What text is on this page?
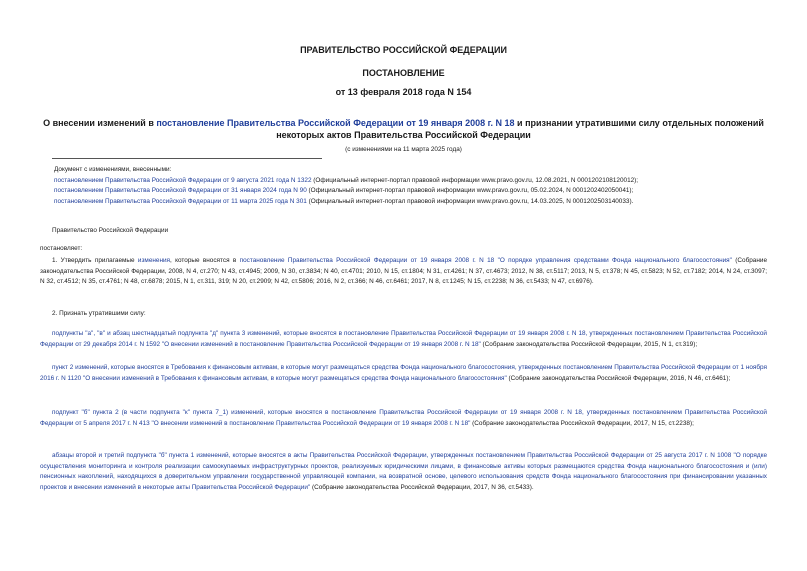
ПРАВИТЕЛЬСТВО РОССИЙСКОЙ ФЕДЕРАЦИИ
ПОСТАНОВЛЕНИЕ
от 13 февраля 2018 года N 154
О внесении изменений в постановление Правительства Российской Федерации от 19 января 2008 г. N 18 и признании утратившими силу отдельных положений некоторых актов Правительства Российской Федерации
(с изменениями на 11 марта 2025 года)
Документ с изменениями, внесенными:
постановлением Правительства Российской Федерации от 9 августа 2021 года N 1322 (Официальный интернет-портал правовой информации www.pravo.gov.ru, 12.08.2021, N 0001202108120012);
постановлением Правительства Российской Федерации от 31 января 2024 года N 90 (Официальный интернет-портал правовой информации www.pravo.gov.ru, 05.02.2024, N 0001202402050041);
постановлением Правительства Российской Федерации от 11 марта 2025 года N 301 (Официальный интернет-портал правовой информации www.pravo.gov.ru, 14.03.2025, N 0001202503140033).
Правительство Российской Федерации
постановляет:
1. Утвердить прилагаемые изменения, которые вносятся в постановление Правительства Российской Федерации от 19 января 2008 г. N 18 "О порядке управления средствами Фонда национального благосостояния" (Собрание законодательства Российской Федерации, 2008, N 4, ст.270; N 43, ст.4945; 2009, N 30, ст.3834; N 40, ст.4701; 2010, N 15, ст.1804; N 31, ст.4261; N 37, ст.4673; 2012, N 38, ст.5117; 2013, N 5, ст.378; N 45, ст.5823; N 52, ст.7182; 2014, N 24, ст.3097; N 32, ст.4512; N 35, ст.4761; N 48, ст.6878; 2015, N 1, ст.311, 319; N 20, ст.2909; N 42, ст.5806; 2016, N 2, ст.366; N 46, ст.6461; 2017, N 8, ст.1245; N 15, ст.2238; N 36, ст.5433; N 47, ст.6976).
2. Признать утратившими силу:
подпункты "а", "в" и абзац шестнадцатый подпункта "д" пункта 3 изменений, которые вносятся в постановление Правительства Российской Федерации от 19 января 2008 г. N 18, утвержденных постановлением Правительства Российской Федерации от 29 декабря 2014 г. N 1592 "О внесении изменений в постановление Правительства Российской Федерации от 19 января 2008 г. N 18" (Собрание законодательства Российской Федерации, 2015, N 1, ст.319);
пункт 2 изменений, которые вносятся в Требования к финансовым активам, в которые могут размещаться средства Фонда национального благосостояния, утвержденных постановлением Правительства Российской Федерации от 1 ноября 2016 г. N 1120 "О внесении изменений в Требования к финансовым активам, в которые могут размещаться средства Фонда национального благосостояния" (Собрание законодательства Российской Федерации, 2016, N 46, ст.6461);
подпункт "б" пункта 2 (в части подпункта "к" пункта 7_1) изменений, которые вносятся в постановление Правительства Российской Федерации от 19 января 2008 г. N 18, утвержденных постановлением Правительства Российской Федерации от 5 апреля 2017 г. N 413 "О внесении изменений в постановление Правительства Российской Федерации от 19 января 2008 г. N 18" (Собрание законодательства Российской Федерации, 2017, N 15, ст.2238);
абзацы второй и третий подпункта "б" пункта 1 изменений, которые вносятся в акты Правительства Российской Федерации, утвержденных постановлением Правительства Российской Федерации от 25 августа 2017 г. N 1008 "О порядке осуществления мониторинга и контроля реализации самоокупаемых инфраструктурных проектов, реализуемых юридическими лицами, в финансовые активы которых размещаются средства Фонда национального благосостояния и (или) пенсионных накоплений, находящихся в доверительном управлении государственной управляющей компании, на возвратной основе, целевого использования средств Фонда национального благосостояния при финансировании указанных проектов и внесении изменений в некоторые акты Правительства Российской Федерации" (Собрание законодательства Российской Федерации, 2017, N 36, ст.5433).
